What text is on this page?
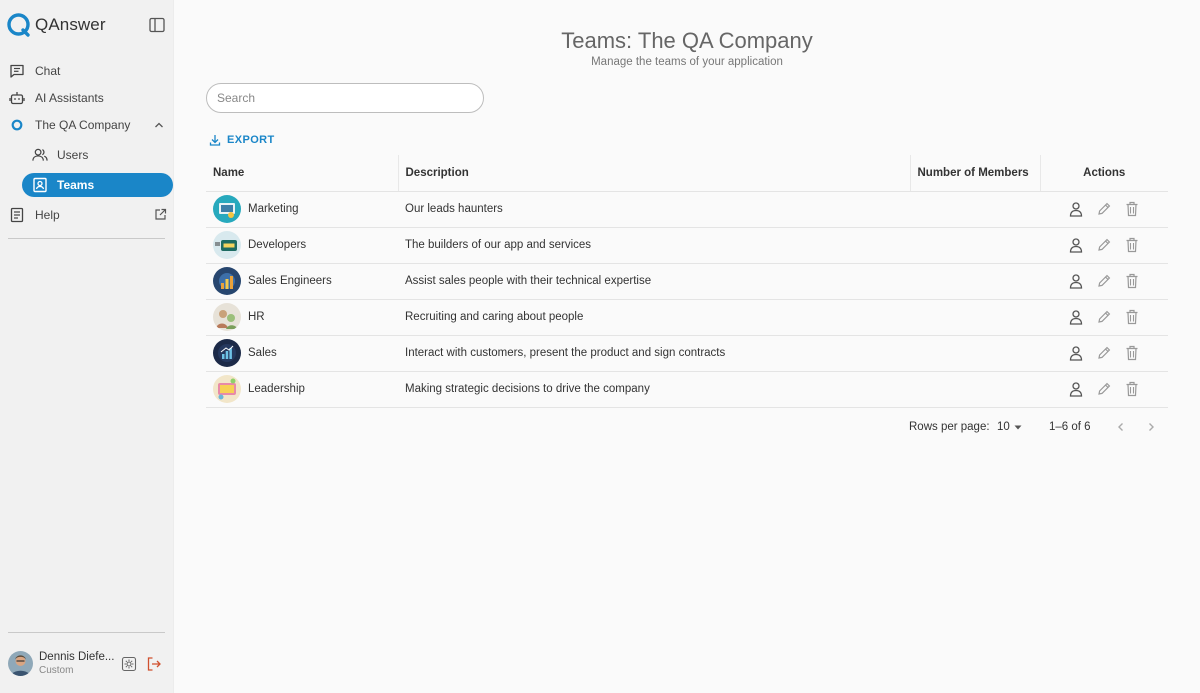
QAnswer
Chat
AI Assistants
The QA Company
Users
Teams
Help
Dennis Diefe...
Custom
Teams: The QA Company
Manage the teams of your application
Search
EXPORT
Name	Description	Number of Members	Actions

Marketing	Our leads haunters		

Developers	The builders of our app and services		

Sales Engineers	Assist sales people with their technical expertise		

HR	Recruiting and caring about people		

Sales	Interact with customers, present the product and sign contracts		

Leadership	Making strategic decisions to drive the company		
Rows per page: 10	1–6 of 6
